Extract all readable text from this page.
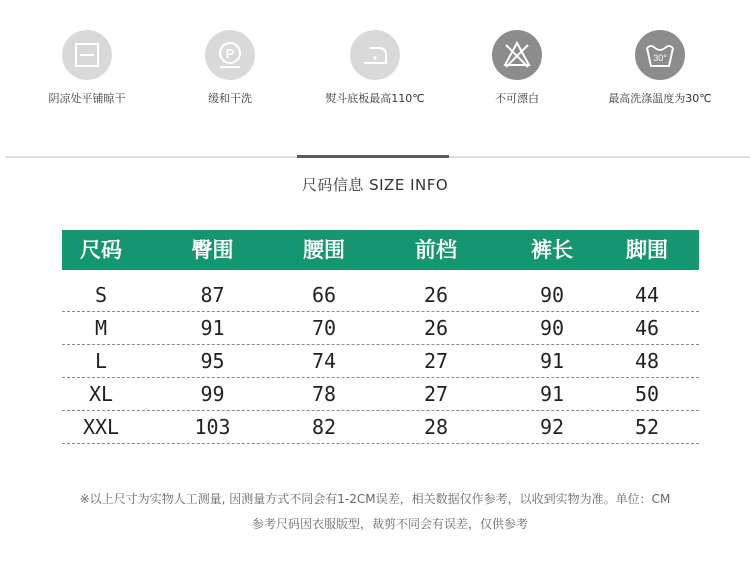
阴凉处平铺晾干
P
缓和干洗	熨斗底板最高110℃	不可漂白
30°
最高洗涤温度为30℃
尺码信息 SIZE INFO
尺码	臀围	腰围	前档	裤长	脚围
S	87	66	26	90	44
M	91	70	26	90	46
L	95	74	27	91	48
XL	99	78	27	91	50
XXL	103	82	28	92	52
※以上尺寸为实物人工测量, 因测量方式不同会有1-2CM误差，相关数据仅作参考，以收到实物为准。单位：CM
参考尺码因衣服版型，裁剪不同会有误差，仅供参考
